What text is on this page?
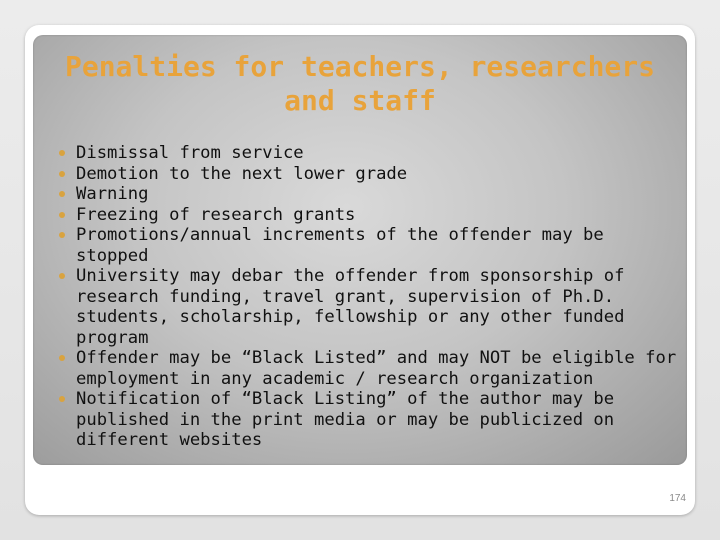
Penalties for teachers, researchers and staff
Dismissal from service
Demotion to the next lower grade
Warning
Freezing of research grants
Promotions/annual increments of the offender may be stopped
University may debar the offender from sponsorship of research funding, travel grant, supervision of Ph.D. students, scholarship, fellowship or any other funded program
Offender may be “Black Listed” and may NOT be eligible for employment in any academic / research organization
Notification of “Black Listing” of the author may be published in the print media or may be publicized on different websites
174
